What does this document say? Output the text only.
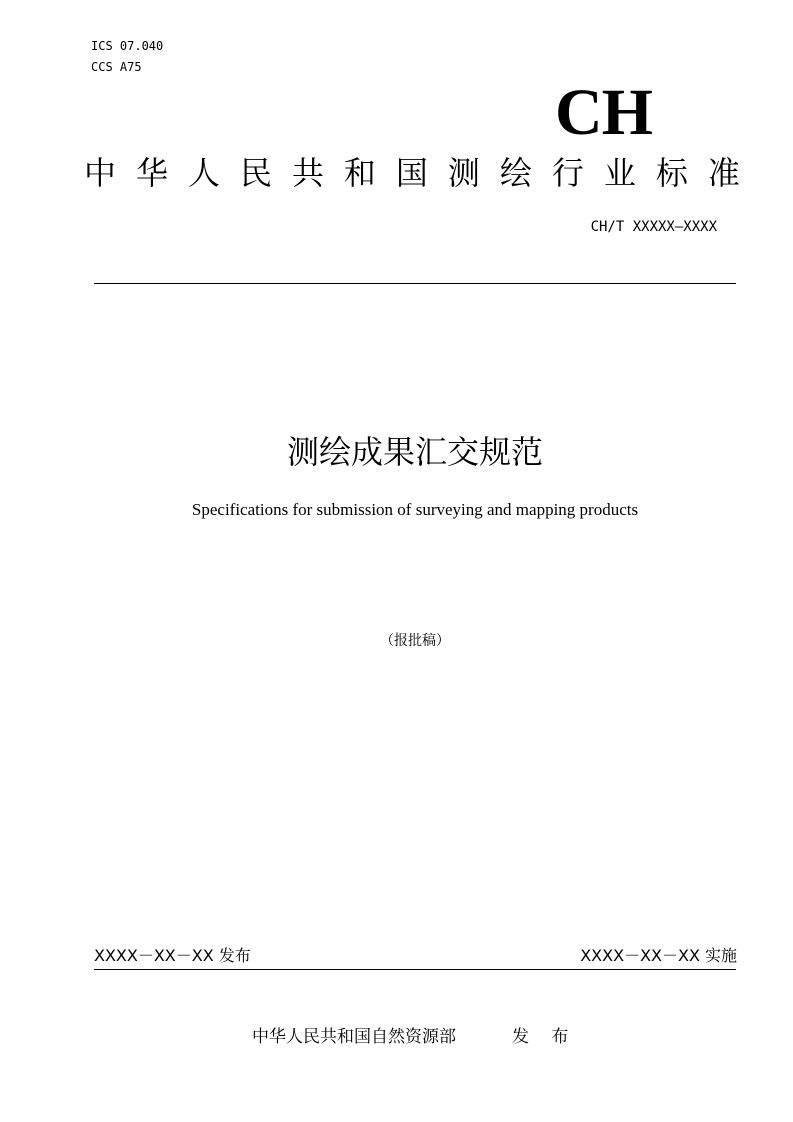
ICS 07.040
CCS A75
CH
中 华 人 民 共 和 国 测 绘 行 业 标 准
CH/T XXXXX—XXXX
测绘成果汇交规范
Specifications for submission of surveying and mapping products
（报批稿）
XXXX－XX－XX 发布	XXXX－XX－XX 实施
中华人民共和国自然资源部	发 布
